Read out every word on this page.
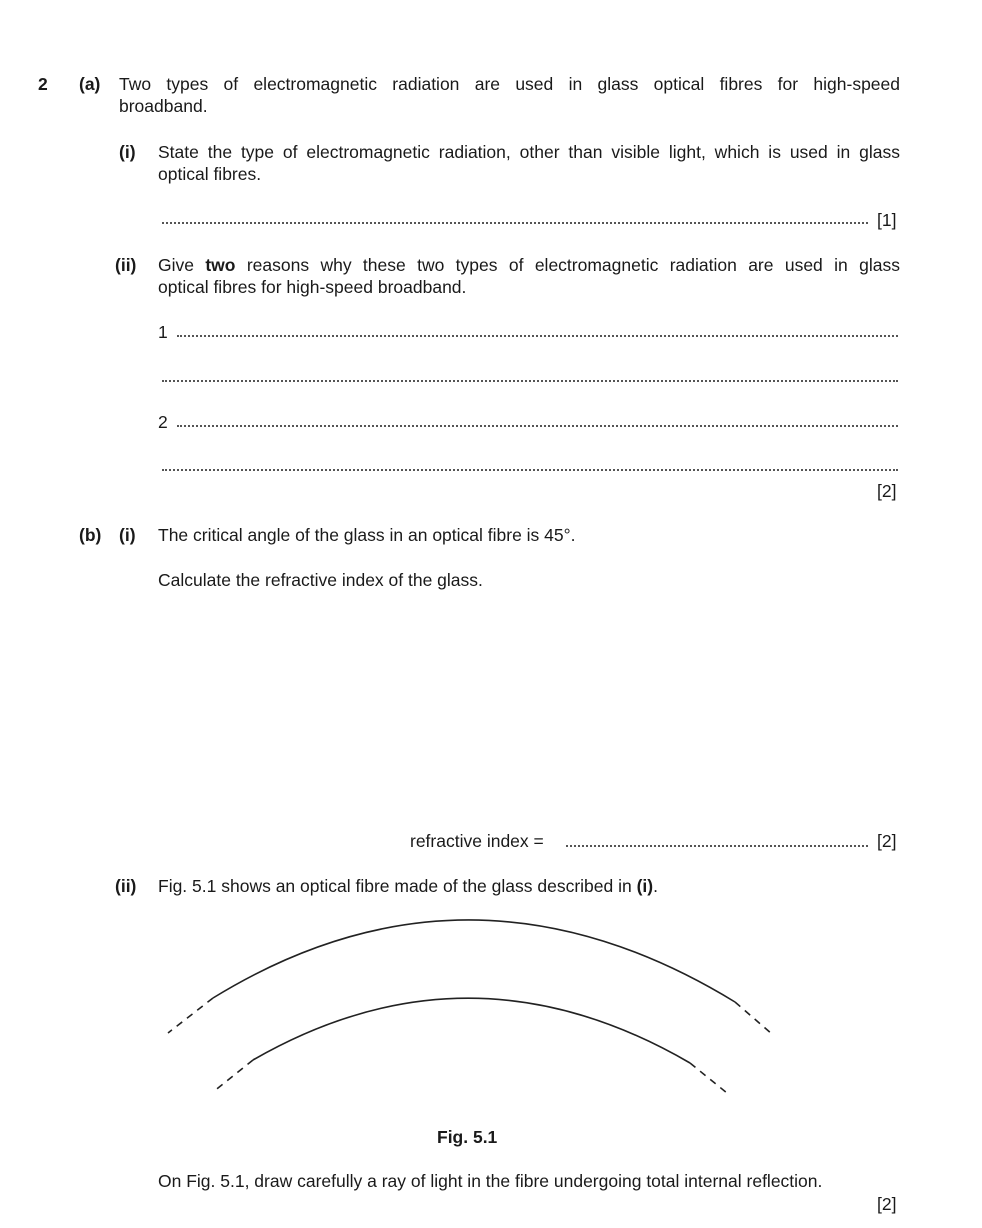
2 (a) Two types of electromagnetic radiation are used in glass optical fibres for high-speed
broadband.
(i) State the type of electromagnetic radiation, other than visible light, which is used in glass
optical fibres.
[1]
(ii) Give two reasons why these two types of electromagnetic radiation are used in glass
optical fibres for high-speed broadband.
1
2
[2]
(b) (i) The critical angle of the glass in an optical fibre is 45°.
Calculate the refractive index of the glass.
refractive index =	[2]
(ii) Fig. 5.1 shows an optical fibre made of the glass described in (i).
Fig. 5.1
On Fig. 5.1, draw carefully a ray of light in the fibre undergoing total internal reflection.
[2]
